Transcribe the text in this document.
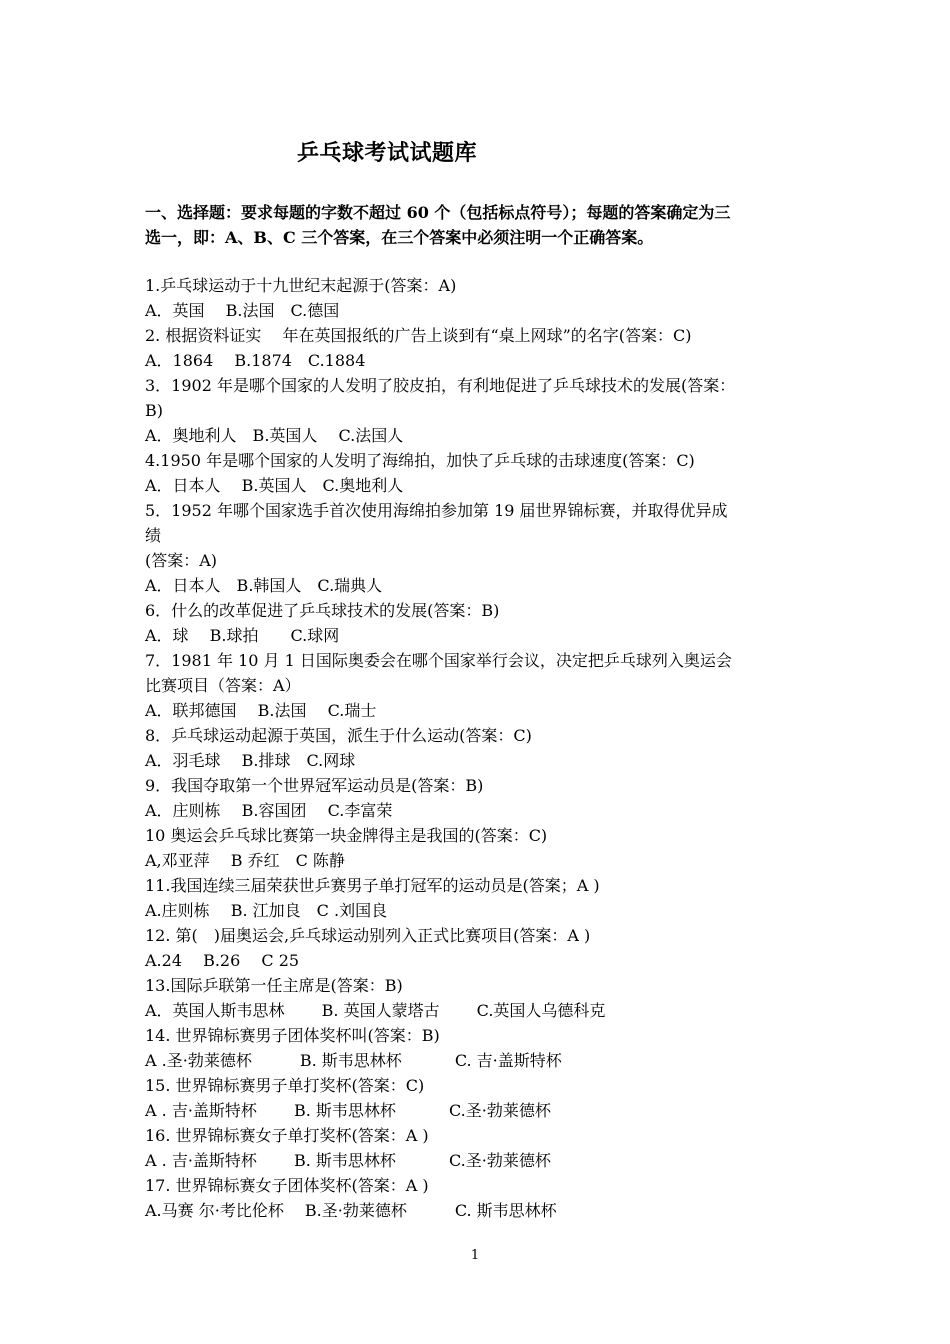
乒乓球考试试题库
一、选择题：要求每题的字数不超过 60 个（包括标点符号）；每题的答案确定为三
选一，即：A、B、C 三个答案，在三个答案中必须注明一个正确答案。
1.乒乓球运动于十九世纪末起源于(答案：A)
A．英国　 B.法国　C.德国
2. 根据资料证实　 年在英国报纸的广告上谈到有“桌上网球”的名字(答案：C)
A．1864　 B.1874　C.1884
3．1902 年是哪个国家的人发明了胶皮拍，有利地促进了乒乓球技术的发展(答案：
B)
A．奥地利人　B.英国人　 C.法国人
4.1950 年是哪个国家的人发明了海绵拍，加快了乒乓球的击球速度(答案：C)
A．日本人　 B.英国人　C.奥地利人
5．1952 年哪个国家选手首次使用海绵拍参加第 19 届世界锦标赛，并取得优异成
绩
(答案：A)
A．日本人　B.韩国人　C.瑞典人
6．什么的改革促进了乒乓球技术的发展(答案：B)
A．球　 B.球拍　　C.球网
7．1981 年 10 月 1 日国际奥委会在哪个国家举行会议，决定把乒乓球列入奥运会
比赛项目（答案：A）
A．联邦德国　 B.法国　 C.瑞士
8．乒乓球运动起源于英国，派生于什么运动(答案：C)
A．羽毛球　 B.排球　C.网球
9．我国夺取第一个世界冠军运动员是(答案：B)
A．庄则栋　 B.容国团　 C.李富荣
10 奥运会乒乓球比赛第一块金牌得主是我国的(答案：C)
A,邓亚萍　 B 乔红　C 陈静
11.我国连续三届荣获世乒赛男子单打冠军的运动员是(答案；A )
A.庄则栋　 B. 江加良　C .刘国良
12. 第(　)届奥运会,乒乓球运动别列入正式比赛项目(答案：A )
A.24　 B.26　 C 25
13.国际乒联第一任主席是(答案：B)
A．英国人斯韦思林　　 B. 英国人蒙塔古　　 C.英国人乌德科克
14. 世界锦标赛男子团体奖杯叫(答案：B)
A .圣·勃莱德杯　　　B. 斯韦思林杯　　　 C. 吉·盖斯特杯
15. 世界锦标赛男子单打奖杯(答案：C)
A . 吉·盖斯特杯　　 B. 斯韦思林杯　　　 C.圣·勃莱德杯
16. 世界锦标赛女子单打奖杯(答案：A )
A . 吉·盖斯特杯　　 B. 斯韦思林杯　　　 C.圣·勃莱德杯
17. 世界锦标赛女子团体奖杯(答案：A )
A.马赛 尔·考比伦杯　 B.圣·勃莱德杯　　　C. 斯韦思林杯
1
